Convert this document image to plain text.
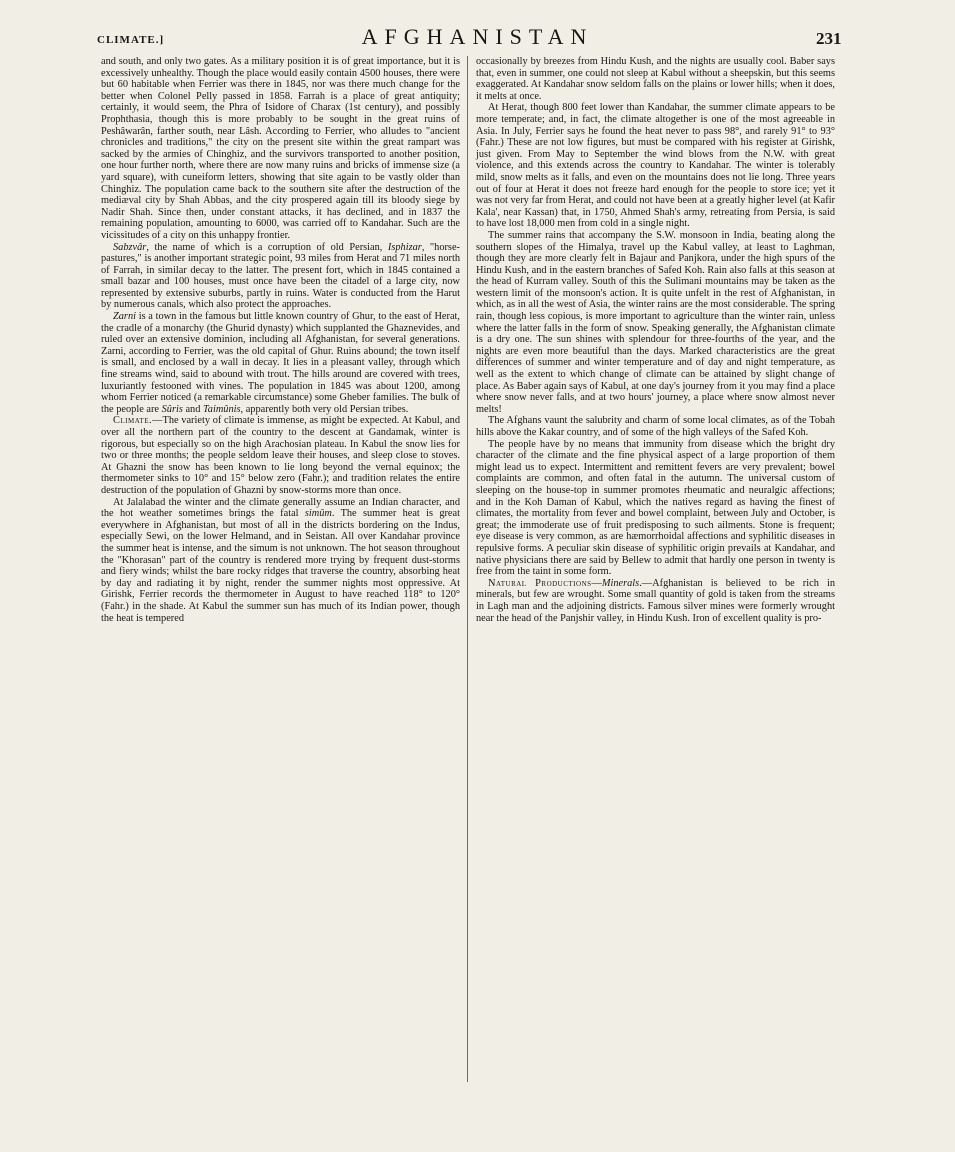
CLIMATE.]	AFGHANISTAN	231

and south, and only two gates. As a military position it is of great importance, but it is excessively unhealthy. Though the place would easily contain 4500 houses, there were but 60 habitable when Ferrier was there in 1845, nor was there much change for the better when Colonel Pelly passed in 1858. Farrah is a place of great antiquity; certainly, it would seem, the Phra of Isidore of Charax (1st century), and possibly Prophthasia, though this is more probably to be sought in the great ruins of Peshâwarân, farther south, near Lâsh. According to Ferrier, who alludes to "ancient chronicles and traditions," the city on the present site within the great rampart was sacked by the armies of Chinghiz, and the survivors transported to another position, one hour further north, where there are now many ruins and bricks of immense size (a yard square), with cuneiform letters, showing that site again to be vastly older than Chinghiz. The population came back to the southern site after the destruction of the mediæval city by Shah Abbas, and the city prospered again till its bloody siege by Nadir Shah. Since then, under constant attacks, it has declined, and in 1837 the remaining population, amounting to 6000, was carried off to Kandahar. Such are the vicissitudes of a city on this unhappy frontier.

Sabzvâr, the name of which is a corruption of old Persian, Isphizar, "horse-pastures," is another important strategic point, 93 miles from Herat and 71 miles north of Farrah, in similar decay to the latter. The present fort, which in 1845 contained a small bazar and 100 houses, must once have been the citadel of a large city, now represented by extensive suburbs, partly in ruins. Water is conducted from the Harut by numerous canals, which also protect the approaches.

Zarni is a town in the famous but little known country of Ghur, to the east of Herat, the cradle of a monarchy (the Ghurid dynasty) which supplanted the Ghaznevides, and ruled over an extensive dominion, including all Afghanistan, for several generations. Zarni, according to Ferrier, was the old capital of Ghur. Ruins abound; the town itself is small, and enclosed by a wall in decay. It lies in a pleasant valley, through which fine streams wind, said to abound with trout. The hills around are covered with trees, luxuriantly festooned with vines. The population in 1845 was about 1200, among whom Ferrier noticed (a remarkable circumstance) some Gheber families. The bulk of the people are Sûris and Taimûnis, apparently both very old Persian tribes.

Climate.—The variety of climate is immense, as might be expected. At Kabul, and over all the northern part of the country to the descent at Gandamak, winter is rigorous, but especially so on the high Arachosian plateau. In Kabul the snow lies for two or three months; the people seldom leave their houses, and sleep close to stoves. At Ghazni the snow has been known to lie long beyond the vernal equinox; the thermometer sinks to 10° and 15° below zero (Fahr.); and tradition relates the entire destruction of the population of Ghazni by snow-storms more than once.

At Jalalabad the winter and the climate generally assume an Indian character, and the hot weather sometimes brings the fatal simûm. The summer heat is great everywhere in Afghanistan, but most of all in the districts bordering on the Indus, especially Sewi, on the lower Helmand, and in Seistan. All over Kandahar province the summer heat is intense, and the simum is not unknown. The hot season throughout the "Khorasan" part of the country is rendered more trying by frequent dust-storms and fiery winds; whilst the bare rocky ridges that traverse the country, absorbing heat by day and radiating it by night, render the summer nights most oppressive. At Girishk, Ferrier records the thermometer in August to have reached 118° to 120° (Fahr.) in the shade. At Kabul the summer sun has much of its Indian power, though the heat is tempered

occasionally by breezes from Hindu Kush, and the nights are usually cool. Baber says that, even in summer, one could not sleep at Kabul without a sheepskin, but this seems exaggerated. At Kandahar snow seldom falls on the plains or lower hills; when it does, it melts at once.

At Herat, though 800 feet lower than Kandahar, the summer climate appears to be more temperate; and, in fact, the climate altogether is one of the most agreeable in Asia. In July, Ferrier says he found the heat never to pass 98°, and rarely 91° to 93° (Fahr.) These are not low figures, but must be compared with his register at Girishk, just given. From May to September the wind blows from the N.W. with great violence, and this extends across the country to Kandahar. The winter is tolerably mild, snow melts as it falls, and even on the mountains does not lie long. Three years out of four at Herat it does not freeze hard enough for the people to store ice; yet it was not very far from Herat, and could not have been at a greatly higher level (at Kafir Kala', near Kassan) that, in 1750, Ahmed Shah's army, retreating from Persia, is said to have lost 18,000 men from cold in a single night.

The summer rains that accompany the S.W. monsoon in India, beating along the southern slopes of the Himalya, travel up the Kabul valley, at least to Laghman, though they are more clearly felt in Bajaur and Panjkora, under the high spurs of the Hindu Kush, and in the eastern branches of Safed Koh. Rain also falls at this season at the head of Kurram valley. South of this the Sulimani mountains may be taken as the western limit of the monsoon's action. It is quite unfelt in the rest of Afghanistan, in which, as in all the west of Asia, the winter rains are the most considerable. The spring rain, though less copious, is more important to agriculture than the winter rain, unless where the latter falls in the form of snow. Speaking generally, the Afghanistan climate is a dry one. The sun shines with splendour for three-fourths of the year, and the nights are even more beautiful than the days. Marked characteristics are the great differences of summer and winter temperature and of day and night temperature, as well as the extent to which change of climate can be attained by slight change of place. As Baber again says of Kabul, at one day's journey from it you may find a place where snow never falls, and at two hours' journey, a place where snow almost never melts!

The Afghans vaunt the salubrity and charm of some local climates, as of the Tobah hills above the Kakar country, and of some of the high valleys of the Safed Koh.

The people have by no means that immunity from disease which the bright dry character of the climate and the fine physical aspect of a large proportion of them might lead us to expect. Intermittent and remittent fevers are very prevalent; bowel complaints are common, and often fatal in the autumn. The universal custom of sleeping on the house-top in summer promotes rheumatic and neuralgic affections; and in the Koh Daman of Kabul, which the natives regard as having the finest of climates, the mortality from fever and bowel complaint, between July and October, is great; the immoderate use of fruit predisposing to such ailments. Stone is frequent; eye disease is very common, as are hæmorrhoidal affections and syphilitic diseases in repulsive forms. A peculiar skin disease of syphilitic origin prevails at Kandahar, and native physicians there are said by Bellew to admit that hardly one person in twenty is free from the taint in some form.

Natural Productions—Minerals.—Afghanistan is believed to be rich in minerals, but few are wrought. Some small quantity of gold is taken from the streams in Lagh man and the adjoining districts. Famous silver mines were formerly wrought near the head of the Panjshir valley, in Hindu Kush. Iron of excellent quality is pro-
